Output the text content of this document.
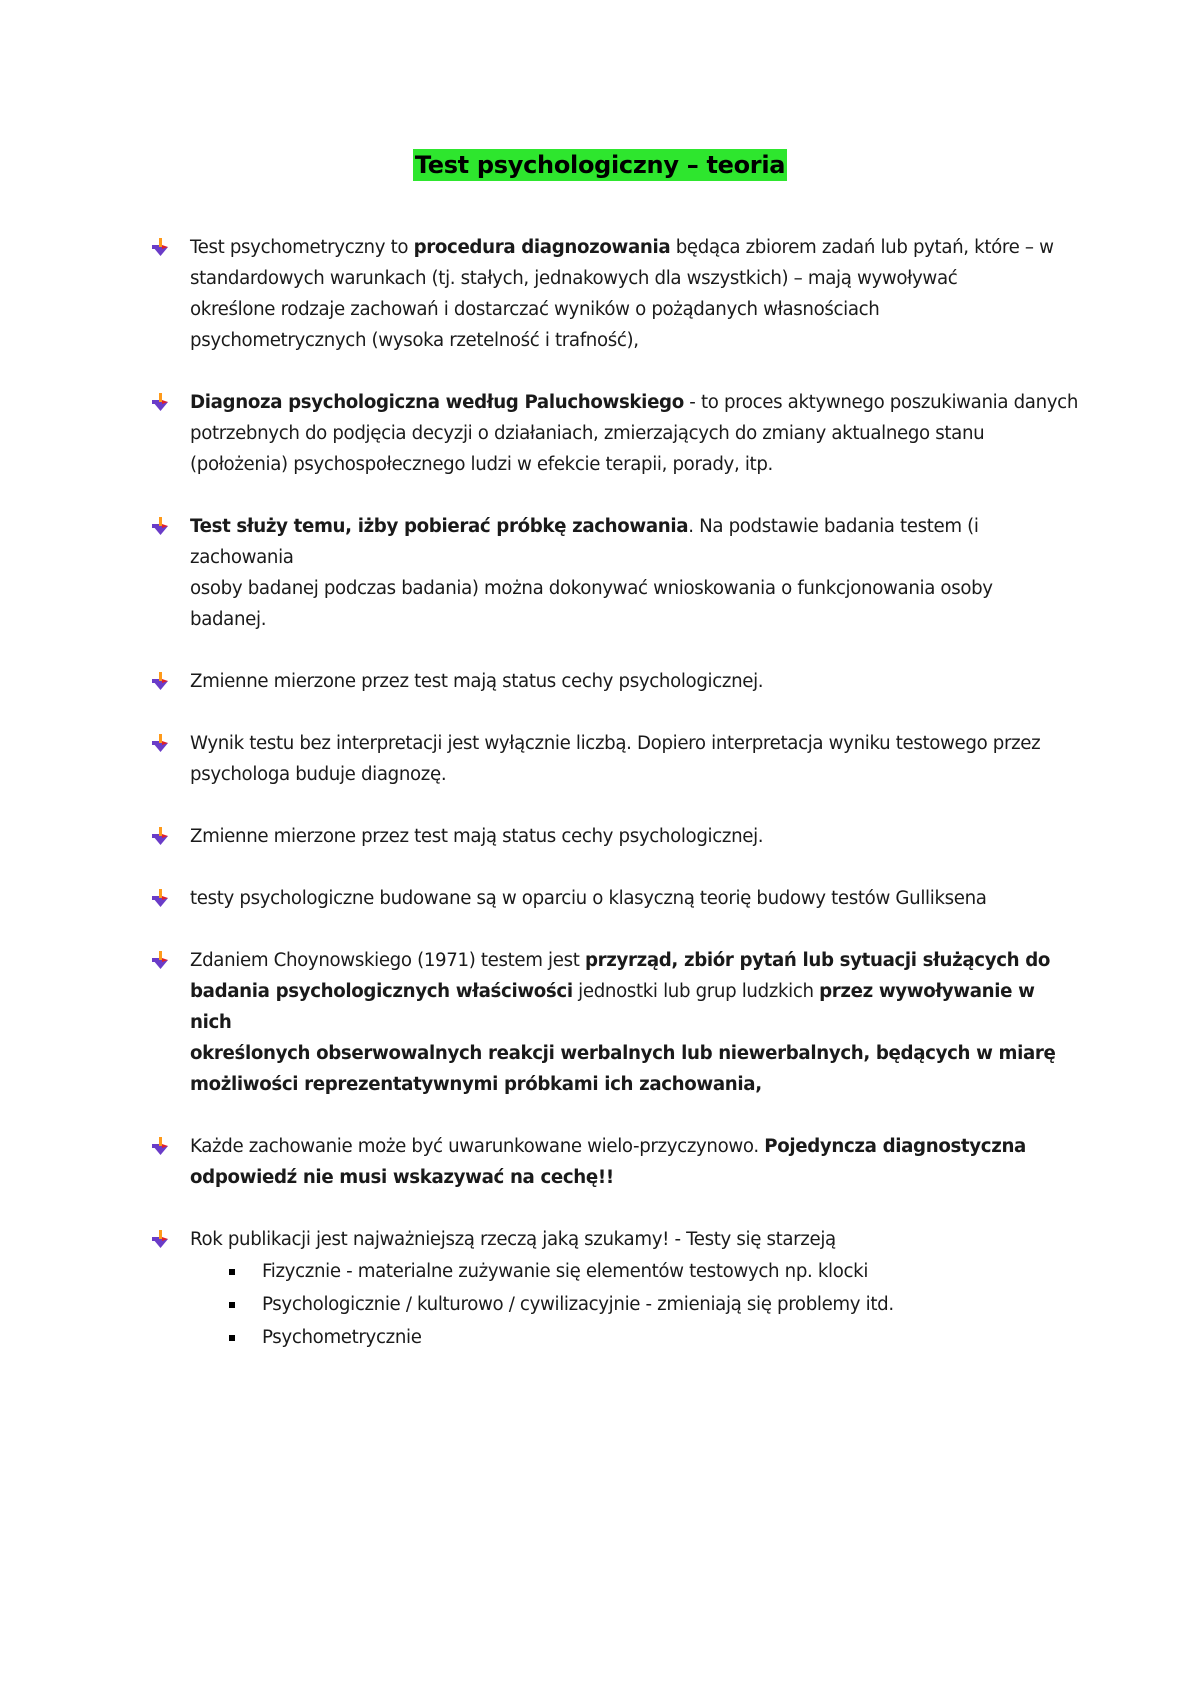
Test psychologiczny – teoria

Test psychometryczny to procedura diagnozowania będąca zbiorem zadań lub pytań, które – w
standardowych warunkach (tj. stałych, jednakowych dla wszystkich) – mają wywoływać
określone rodzaje zachowań i dostarczać wyników o pożądanych własnościach
psychometrycznych (wysoka rzetelność i trafność),

Diagnoza psychologiczna według Paluchowskiego - to proces aktywnego poszukiwania danych
potrzebnych do podjęcia decyzji o działaniach, zmierzających do zmiany aktualnego stanu
(położenia) psychospołecznego ludzi w efekcie terapii, porady, itp.

Test służy temu, iżby pobierać próbkę zachowania. Na podstawie badania testem (i zachowania
osoby badanej podczas badania) można dokonywać wnioskowania o funkcjonowania osoby
badanej.

Zmienne mierzone przez test mają status cechy psychologicznej.

Wynik testu bez interpretacji jest wyłącznie liczbą. Dopiero interpretacja wyniku testowego przez
psychologa buduje diagnozę.

Zmienne mierzone przez test mają status cechy psychologicznej.

testy psychologiczne budowane są w oparciu o klasyczną teorię budowy testów Gulliksena

Zdaniem Choynowskiego (1971) testem jest przyrząd, zbiór pytań lub sytuacji służących do
badania psychologicznych właściwości jednostki lub grup ludzkich przez wywoływanie w nich
określonych obserwowalnych reakcji werbalnych lub niewerbalnych, będących w miarę
możliwości reprezentatywnymi próbkami ich zachowania,

Każde zachowanie może być uwarunkowane wielo-przyczynowo. Pojedyncza diagnostyczna
odpowiedź nie musi wskazywać na cechę!!

Rok publikacji jest najważniejszą rzeczą jaką szukamy! - Testy się starzeją

Fizycznie - materialne zużywanie się elementów testowych np. klocki
Psychologicznie / kulturowo / cywilizacyjnie - zmieniają się problemy itd.
Psychometrycznie
